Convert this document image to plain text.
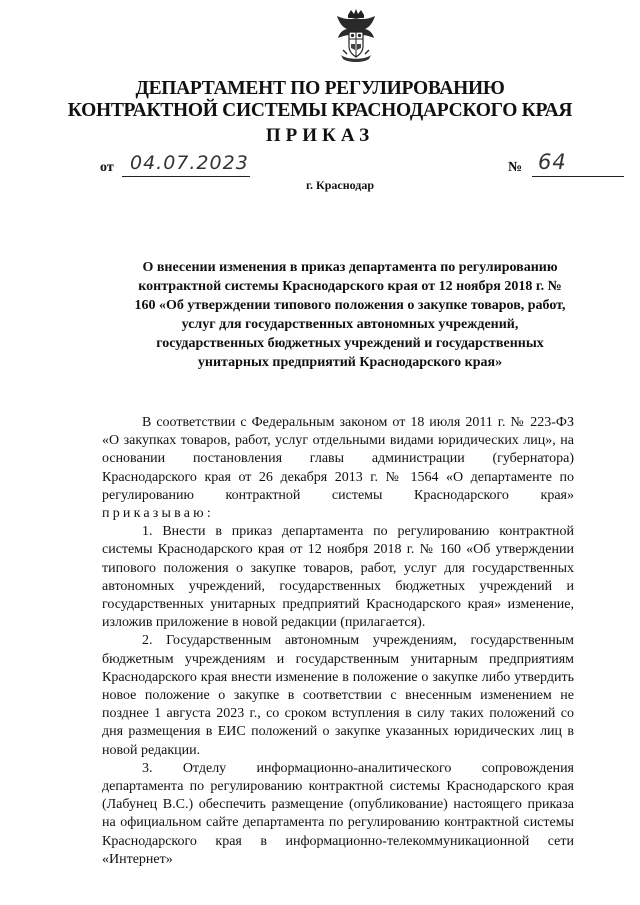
ДЕПАРТАМЕНТ ПО РЕГУЛИРОВАНИЮ
КОНТРАКТНОЙ СИСТЕМЫ КРАСНОДАРСКОГО КРАЯ
ПРИКАЗ
от 04.07.2023	№ 64
г. Краснодар
О внесении изменения в приказ департамента по регулированию контрактной системы Краснодарского края от 12 ноября 2018 г. № 160 «Об утверждении типового положения о закупке товаров, работ, услуг для государственных автономных учреждений, государственных бюджетных учреждений и государственных унитарных предприятий Краснодарского края»

В соответствии с Федеральным законом от 18 июля 2011 г. № 223-ФЗ «О закупках товаров, работ, услуг отдельными видами юридических лиц», на основании постановления главы администрации (губернатора) Краснодарского края от 26 декабря 2013 г. № 1564 «О департаменте по регулированию контрактной системы Краснодарского края» приказываю:

1. Внести в приказ департамента по регулированию контрактной системы Краснодарского края от 12 ноября 2018 г. № 160 «Об утверждении типового положения о закупке товаров, работ, услуг для государственных автономных учреждений, государственных бюджетных учреждений и государственных унитарных предприятий Краснодарского края» изменение, изложив приложение в новой редакции (прилагается).

2. Государственным автономным учреждениям, государственным бюджетным учреждениям и государственным унитарным предприятиям Краснодарского края внести изменение в положение о закупке либо утвердить новое положение о закупке в соответствии с внесенным изменением не позднее 1 августа 2023 г., со сроком вступления в силу таких положений со дня размещения в ЕИС положений о закупке указанных юридических лиц в новой редакции.

3. Отделу информационно-аналитического сопровождения департамента по регулированию контрактной системы Краснодарского края (Лабунец В.С.) обеспечить размещение (опубликование) настоящего приказа на официальном сайте департамента по регулированию контрактной системы Краснодарского края в информационно-телекоммуникационной сети «Интернет»
